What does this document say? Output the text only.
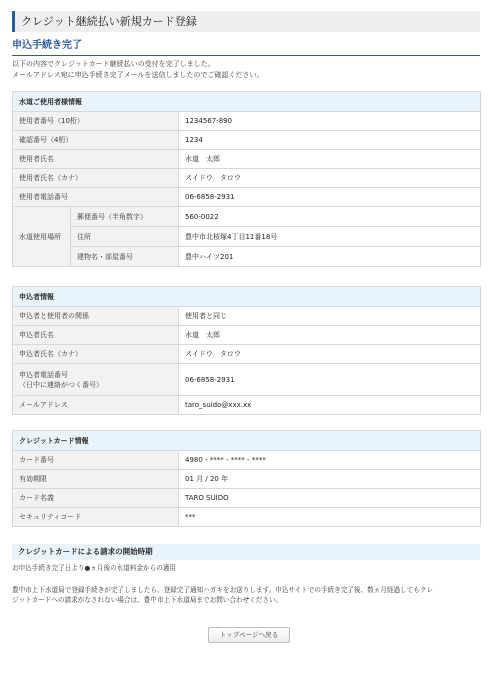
クレジット継続払い新規カード登録
申込手続き完了
以下の内容でクレジットカード継続払いの受付を完了しました。
メールアドレス宛に申込手続き完了メールを送信しましたのでご確認ください。
水道ご使用者様情報		
使用者番号（10桁）		1234567-890
確認番号（4桁）		1234
使用者氏名		水道　太郎
使用者氏名（カナ）		スイドウ　タロウ
使用者電話番号		06-6858-2931
水道使用場所	郵便番号（半角数字）	560-0022
	住所	豊中市北桜塚4丁目11番18号
	建物名・部屋番号	豊中ハイツ201
申込者情報	
申込者と使用者の関係	使用者と同じ
申込者氏名	水道　太郎
申込者氏名（カナ）	スイドウ　タロウ

申込者電話番号
（日中に連絡がつく番号）	06-6858-2931
メールアドレス	taro_suido@xxx.xx
クレジットカード情報	
カード番号	4980 - **** - **** - ****
有効期限	01 月 / 20 年
カード名義	TARO SUIDO
セキュリティコード	***
クレジットカードによる請求の開始時期
お申込手続き完了日より●ヵ月後の水道料金からの適用
豊中市上下水道局で登録手続きが完了しましたら、登録完了通知ハガキをお送りします。申込サイトでの手続き完了後、数ヵ月経過してもクレ
ジットカードへの請求がなされない場合は、豊中市上下水道局までお問い合わせください。
トップページへ戻る
